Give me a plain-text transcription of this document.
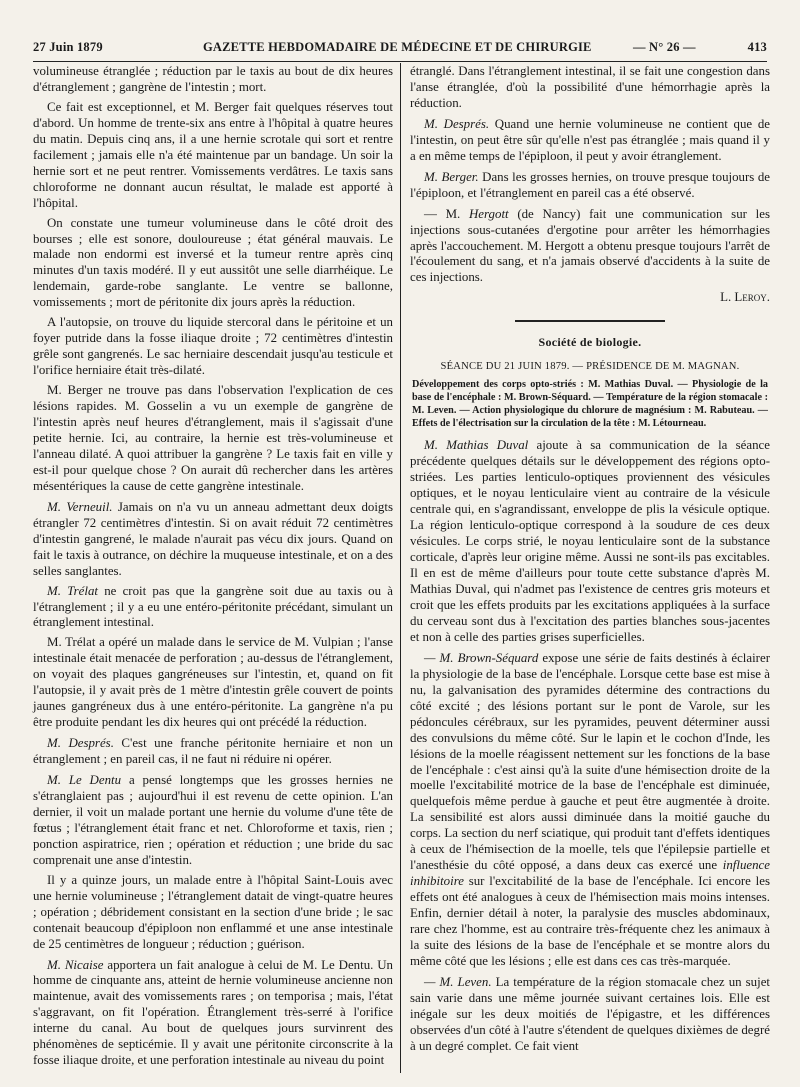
27 Juin 1879	GAZETTE HEBDOMADAIRE DE MÉDECINE ET DE CHIRURGIE	— N° 26 —	413

volumineuse étranglée ; réduction par le taxis au bout de dix heures d'étranglement ; gangrène de l'intestin ; mort.

Ce fait est exceptionnel, et M. Berger fait quelques réserves tout d'abord. Un homme de trente-six ans entre à l'hôpital à quatre heures du matin. Depuis cinq ans, il a une hernie scrotale qui sort et rentre facilement ; jamais elle n'a été maintenue par un bandage. Un soir la hernie sort et ne peut rentrer. Vomissements verdâtres. Le taxis sans chloroforme ne donnant aucun résultat, le malade est apporté à l'hôpital.

On constate une tumeur volumineuse dans le côté droit des bourses ; elle est sonore, douloureuse ; état général mauvais. Le malade non endormi est inversé et la tumeur rentre après cinq minutes d'un taxis modéré. Il y eut aussitôt une selle diarrhéique. Le lendemain, garde-robe sanglante. Le ventre se ballonne, vomissements ; mort de péritonite dix jours après la réduction.

A l'autopsie, on trouve du liquide stercoral dans le péritoine et un foyer putride dans la fosse iliaque droite ; 72 centimètres d'intestin grêle sont gangrenés. Le sac herniaire descendait jusqu'au testicule et l'orifice herniaire était très-dilaté.

M. Berger ne trouve pas dans l'observation l'explication de ces lésions rapides. M. Gosselin a vu un exemple de gangrène de l'intestin après neuf heures d'étranglement, mais il s'agissait d'une petite hernie. Ici, au contraire, la hernie est très-volumineuse et l'anneau dilaté. A quoi attribuer la gangrène ? Le taxis fait en ville y est-il pour quelque chose ? On aurait dû rechercher dans les artères mésentériques la cause de cette gangrène intestinale.

M. Verneuil. Jamais on n'a vu un anneau admettant deux doigts étrangler 72 centimètres d'intestin. Si on avait réduit 72 centimètres d'intestin gangrené, le malade n'aurait pas vécu dix jours. Quand on fait le taxis à outrance, on déchire la muqueuse intestinale, et on a des selles sanglantes.

M. Trélat ne croit pas que la gangrène soit due au taxis ou à l'étranglement ; il y a eu une entéro-péritonite précédant, simulant un étranglement intestinal.

M. Trélat a opéré un malade dans le service de M. Vulpian ; l'anse intestinale était menacée de perforation ; au-dessus de l'étranglement, on voyait des plaques gangréneuses sur l'intestin, et, quand on fit l'autopsie, il y avait près de 1 mètre d'intestin grêle couvert de points jaunes gangréneux dus à une entéro-péritonite. La gangrène n'a pu être produite pendant les dix heures qui ont précédé la réduction.

M. Després. C'est une franche péritonite herniaire et non un étranglement ; en pareil cas, il ne faut ni réduire ni opérer.

M. Le Dentu a pensé longtemps que les grosses hernies ne s'étranglaient pas ; aujourd'hui il est revenu de cette opinion. L'an dernier, il voit un malade portant une hernie du volume d'une tête de fœtus ; l'étranglement était franc et net. Chloroforme et taxis, rien ; ponction aspiratrice, rien ; opération et réduction ; une bride du sac comprenait une anse d'intestin.

Il y a quinze jours, un malade entre à l'hôpital Saint-Louis avec une hernie volumineuse ; l'étranglement datait de vingt-quatre heures ; opération ; débridement consistant en la section d'une bride ; le sac contenait beaucoup d'épiploon non enflammé et une anse intestinale de 25 centimètres de longueur ; réduction ; guérison.

M. Nicaise apportera un fait analogue à celui de M. Le Dentu. Un homme de cinquante ans, atteint de hernie volumineuse ancienne non maintenue, avait des vomissements rares ; on temporisa ; mais, l'état s'aggravant, on fit l'opération. Étranglement très-serré à l'orifice interne du canal. Au bout de quelques jours survinrent des phénomènes de septicémie. Il y avait une péritonite circonscrite à la fosse iliaque droite, et une perforation intestinale au niveau du point

étranglé. Dans l'étranglement intestinal, il se fait une congestion dans l'anse étranglée, d'où la possibilité d'une hémorrhagie après la réduction.

M. Després. Quand une hernie volumineuse ne contient que de l'intestin, on peut être sûr qu'elle n'est pas étranglée ; mais quand il y a en même temps de l'épiploon, il peut y avoir étranglement.

M. Berger. Dans les grosses hernies, on trouve presque toujours de l'épiploon, et l'étranglement en pareil cas a été observé.

— M. Hergott (de Nancy) fait une communication sur les injections sous-cutanées d'ergotine pour arrêter les hémorrhagies après l'accouchement. M. Hergott a obtenu presque toujours l'arrêt de l'écoulement du sang, et n'a jamais observé d'accidents à la suite de ces injections.

L. Leroy.

Société de biologie.
SÉANCE DU 21 JUIN 1879. — PRÉSIDENCE DE M. MAGNAN.
Développement des corps opto-striés : M. Mathias Duval. — Physiologie de la base de l'encéphale : M. Brown-Séquard. — Température de la région stomacale : M. Leven. — Action physiologique du chlorure de magnésium : M. Rabuteau. — Effets de l'électrisation sur la circulation de la tête : M. Létourneau.

M. Mathias Duval ajoute à sa communication de la séance précédente quelques détails sur le développement des régions opto-striées. Les parties lenticulo-optiques proviennent des vésicules optiques, et le noyau lenticulaire vient au contraire de la vésicule centrale qui, en s'agrandissant, enveloppe de plis la vésicule optique. La région lenticulo-optique correspond à la soudure de ces deux vésicules. Le corps strié, le noyau lenticulaire sont de la substance corticale, d'après leur origine même. Aussi ne sont-ils pas excitables. Il en est de même d'ailleurs pour toute cette substance d'après M. Mathias Duval, qui n'admet pas l'existence de centres gris moteurs et croit que les effets produits par les excitations appliquées à la surface du cerveau sont dus à l'excitation des parties blanches sous-jacentes et non à celle des parties grises superficielles.

— M. Brown-Séquard expose une série de faits destinés à éclairer la physiologie de la base de l'encéphale. Lorsque cette base est mise à nu, la galvanisation des pyramides détermine des contractions du côté excité ; des lésions portant sur le pont de Varole, sur les pédoncules cérébraux, sur les pyramides, peuvent déterminer aussi des convulsions du même côté. Sur le lapin et le cochon d'Inde, les lésions de la moelle réagissent nettement sur les fonctions de la base de l'encéphale : c'est ainsi qu'à la suite d'une hémisection droite de la moelle l'excitabilité motrice de la base de l'encéphale est diminuée, quelquefois même perdue à gauche et peut être augmentée à droite. La sensibilité est alors aussi diminuée dans la moitié gauche du corps. La section du nerf sciatique, qui produit tant d'effets identiques à ceux de l'hémisection de la moelle, tels que l'épilepsie partielle et l'anesthésie du côté opposé, a dans deux cas exercé une influence inhibitoire sur l'excitabilité de la base de l'encéphale. Ici encore les effets ont été analogues à ceux de l'hémisection mais moins intenses. Enfin, dernier détail à noter, la paralysie des muscles abdominaux, rare chez l'homme, est au contraire très-fréquente chez les animaux à la suite des lésions de la base de l'encéphale et se montre alors du même côté que les lésions ; elle est dans ces cas très-marquée.

— M. Leven. La température de la région stomacale chez un sujet sain varie dans une même journée suivant certaines lois. Elle est inégale sur les deux moitiés de l'épigastre, et les différences observées d'un côté à l'autre s'étendent de quelques dixièmes de degré à un degré complet. Ce fait vient
